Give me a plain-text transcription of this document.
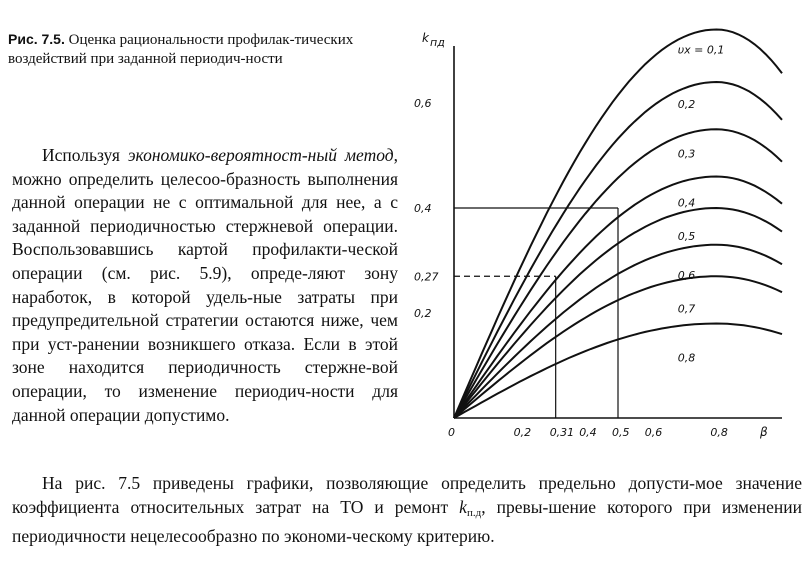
Рис. 7.5. Оценка рациональности профилак-тических воздействий при заданной периодич-ности
Используя экономико-вероятност-ный метод, можно определить целесоо-бразность выполнения данной операции не с оптимальной для нее, а с заданной периодичностью стержневой операции. Воспользовавшись картой профилакти-ческой операции (см. рис. 5.9), опреде-ляют зону наработок, в которой удель-ные затраты при предупредительной стратегии остаются ниже, чем при уст-ранении возникшего отказа. Если в этой зоне находится периодичность стержне-вой операции, то изменение периодич-ности для данной операции допустимо.
На рис. 7.5 приведены графики, позволяющие определить предельно допусти-мое значение коэффициента относительных затрат на ТО и ремонт $k_{п.д}$, превы-шение которого при изменении периодичности нецелесообразно по экономи-ческому критерию.
k пд
β
0	0,2 0,31 0,4 0,5 0,6	0,8
0,2
0,27
0,4
0,6
υx = 0,1
0,2
0,3
0,4
0,5
0,6
0,7
0,8
